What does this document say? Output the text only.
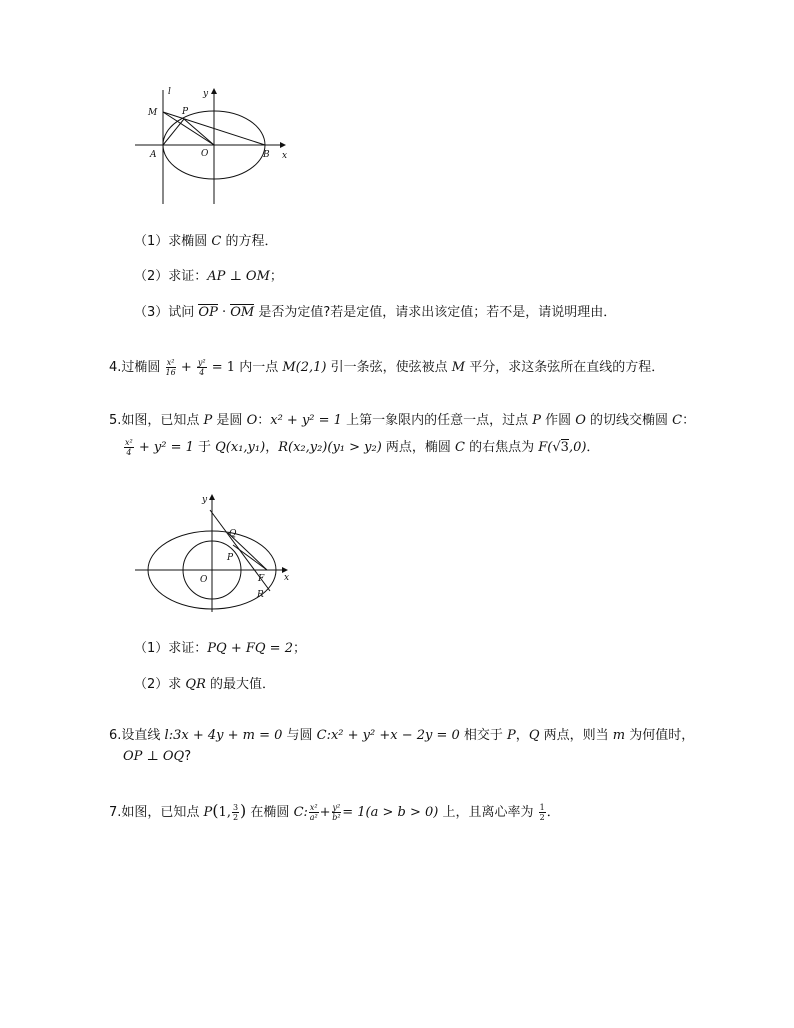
l	y
M	P
A	O	B x
（1）求椭圆 C 的方程．
（2）求证：AP ⊥ OM；
（3）试问 OP · OM 是否为定值?若是定值，请求出该定值；若不是，请说明理由．
4.过椭圆 $\frac{\text{x²}}{16} + \frac{\text{y²}}{4} = 1$ 内一点 M(2,1) 引一条弦，使弦被点 M 平分，求这条弦所在直线的方程．
5.如图，已知点 P 是圆 O：x² + y² = 1 上第一象限内的任意一点，过点 P 作圆 O 的切线交椭圆 C：
$\frac{\text{x²}}{4} + y^2 = 1$ 于 Q(x₁,y₁)，R(x₂,y₂)(y₁ > y₂) 两点，椭圆 C 的右焦点为 F(√3,0)．
y
Q
P
O	F x
R
（1）求证：PQ + FQ = 2；
（2）求 QR 的最大值．
6.设直线 l:3x + 4y + m = 0 与圆 C:x² + y² +x − 2y = 0 相交于 P，Q 两点，则当 m 为何值时，
OP ⊥ OQ?
7.如图，已知点 P(1, $\frac{3}{2}$ ) 在椭圆 C: $\frac{\text{x²}}{\text{a²}} + \frac{\text{y²}}{\text{b²}} = 1(a > b > 0)$ 上，且离心率为 $\frac{1}{2}$ ．
